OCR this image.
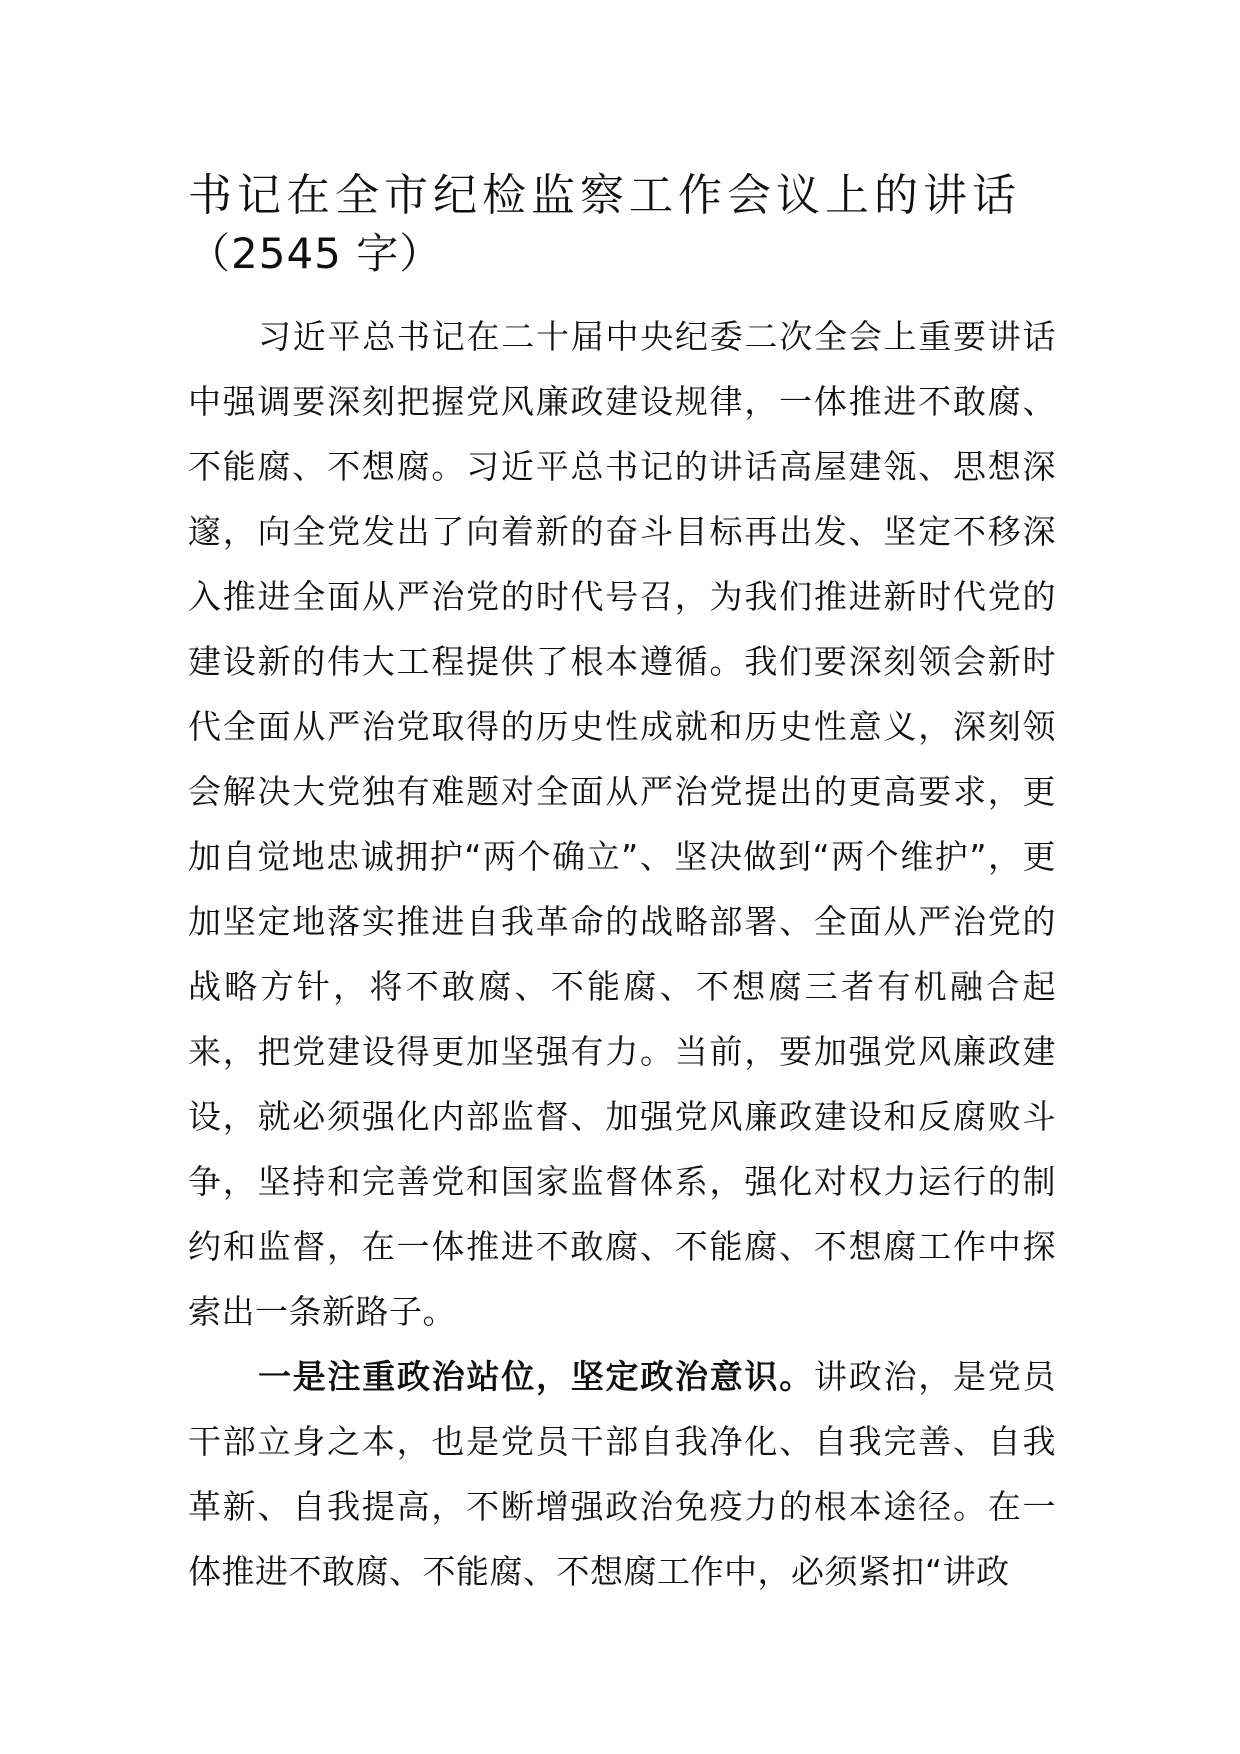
书记在全市纪检监察工作会议上的讲话
（2545 字）

习近平总书记在二十届中央纪委二次全会上重要讲话中强调要深刻把握党风廉政建设规律，一体推进不敢腐、不能腐、不想腐。习近平总书记的讲话高屋建瓴、思想深邃，向全党发出了向着新的奋斗目标再出发、坚定不移深入推进全面从严治党的时代号召，为我们推进新时代党的建设新的伟大工程提供了根本遵循。我们要深刻领会新时代全面从严治党取得的历史性成就和历史性意义，深刻领会解决大党独有难题对全面从严治党提出的更高要求，更加自觉地忠诚拥护“两个确立”、坚决做到“两个维护”，更加坚定地落实推进自我革命的战略部署、全面从严治党的战略方针，将不敢腐、不能腐、不想腐三者有机融合起来，把党建设得更加坚强有力。当前，要加强党风廉政建设，就必须强化内部监督、加强党风廉政建设和反腐败斗争，坚持和完善党和国家监督体系，强化对权力运行的制约和监督，在一体推进不敢腐、不能腐、不想腐工作中探索出一条新路子。

一是注重政治站位，坚定政治意识。讲政治，是党员干部立身之本，也是党员干部自我净化、自我完善、自我革新、自我提高，不断增强政治免疫力的根本途径。在一体推进不敢腐、不能腐、不想腐工作中，必须紧扣“讲政
